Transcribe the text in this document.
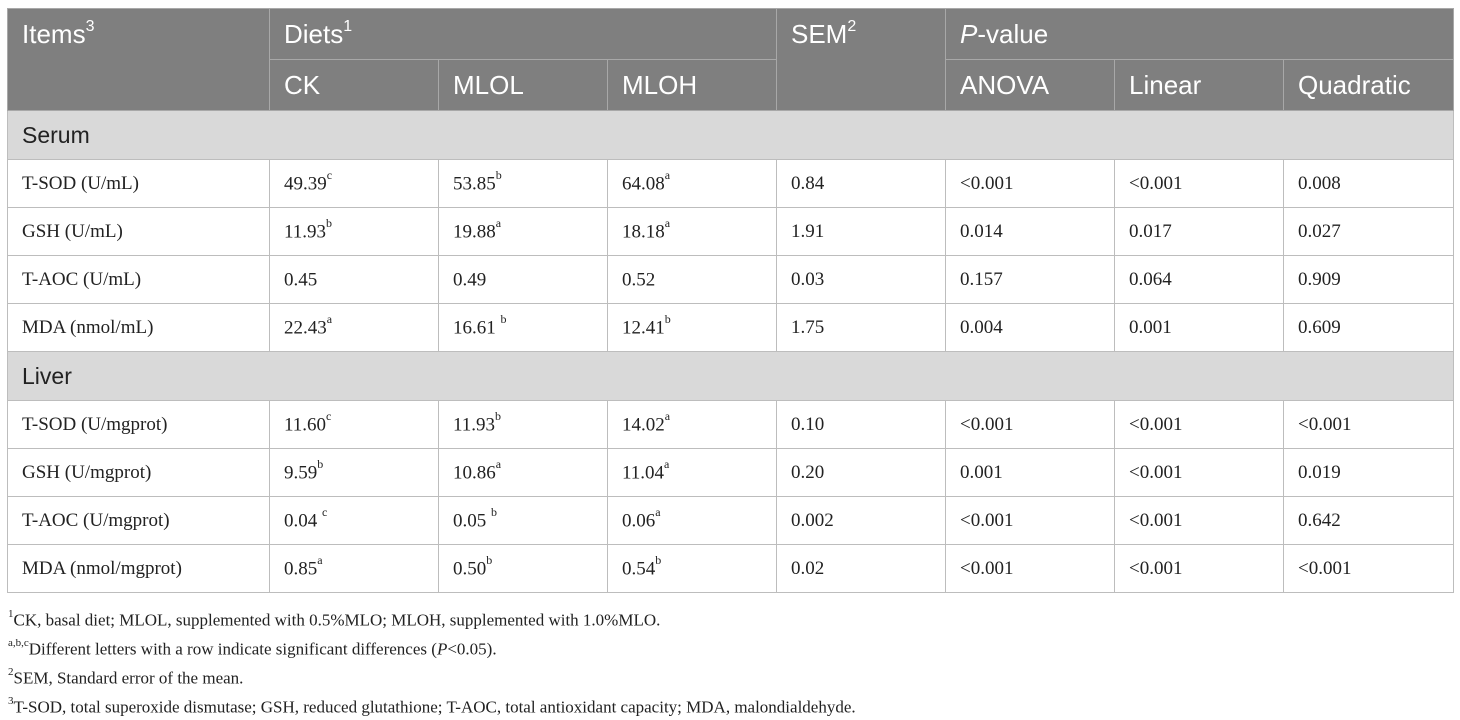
Items$^3$	Diets$^1$			SEM$^2$	P-value		
	CK	MLOL	MLOH		ANOVA	Linear	Quadratic
Serum							
T-SOD (U/mL)	49.39$^c$	53.85$^b$	64.08$^a$	0.84	<0.001	<0.001	0.008
GSH (U/mL)	11.93$^b$	19.88$^a$	18.18$^a$	1.91	0.014	0.017	0.027
T-AOC (U/mL)	0.45	0.49	0.52	0.03	0.157	0.064	0.909
MDA (nmol/mL)	22.43$^a$	16.61 $^b$	12.41$^b$	1.75	0.004	0.001	0.609
Liver							
T-SOD (U/mgprot)	11.60$^c$	11.93$^b$	14.02$^a$	0.10	<0.001	<0.001	<0.001
GSH (U/mgprot)	9.59$^b$	10.86$^a$	11.04$^a$	0.20	0.001	<0.001	0.019
T-AOC (U/mgprot)	0.04 $^c$	0.05 $^b$	0.06$^a$	0.002	<0.001	<0.001	0.642
MDA (nmol/mgprot)	0.85$^a$	0.50$^b$	0.54$^b$	0.02	<0.001	<0.001	<0.001

$^1$CK, basal diet; MLOL, supplemented with 0.5%MLO; MLOH, supplemented with 1.0%MLO.

$^{a,b,c}$Different letters with a row indicate significant differences (P<0.05).

$^2$SEM, Standard error of the mean.

$^3$T-SOD, total superoxide dismutase; GSH, reduced glutathione; T-AOC, total antioxidant capacity; MDA, malondialdehyde.
